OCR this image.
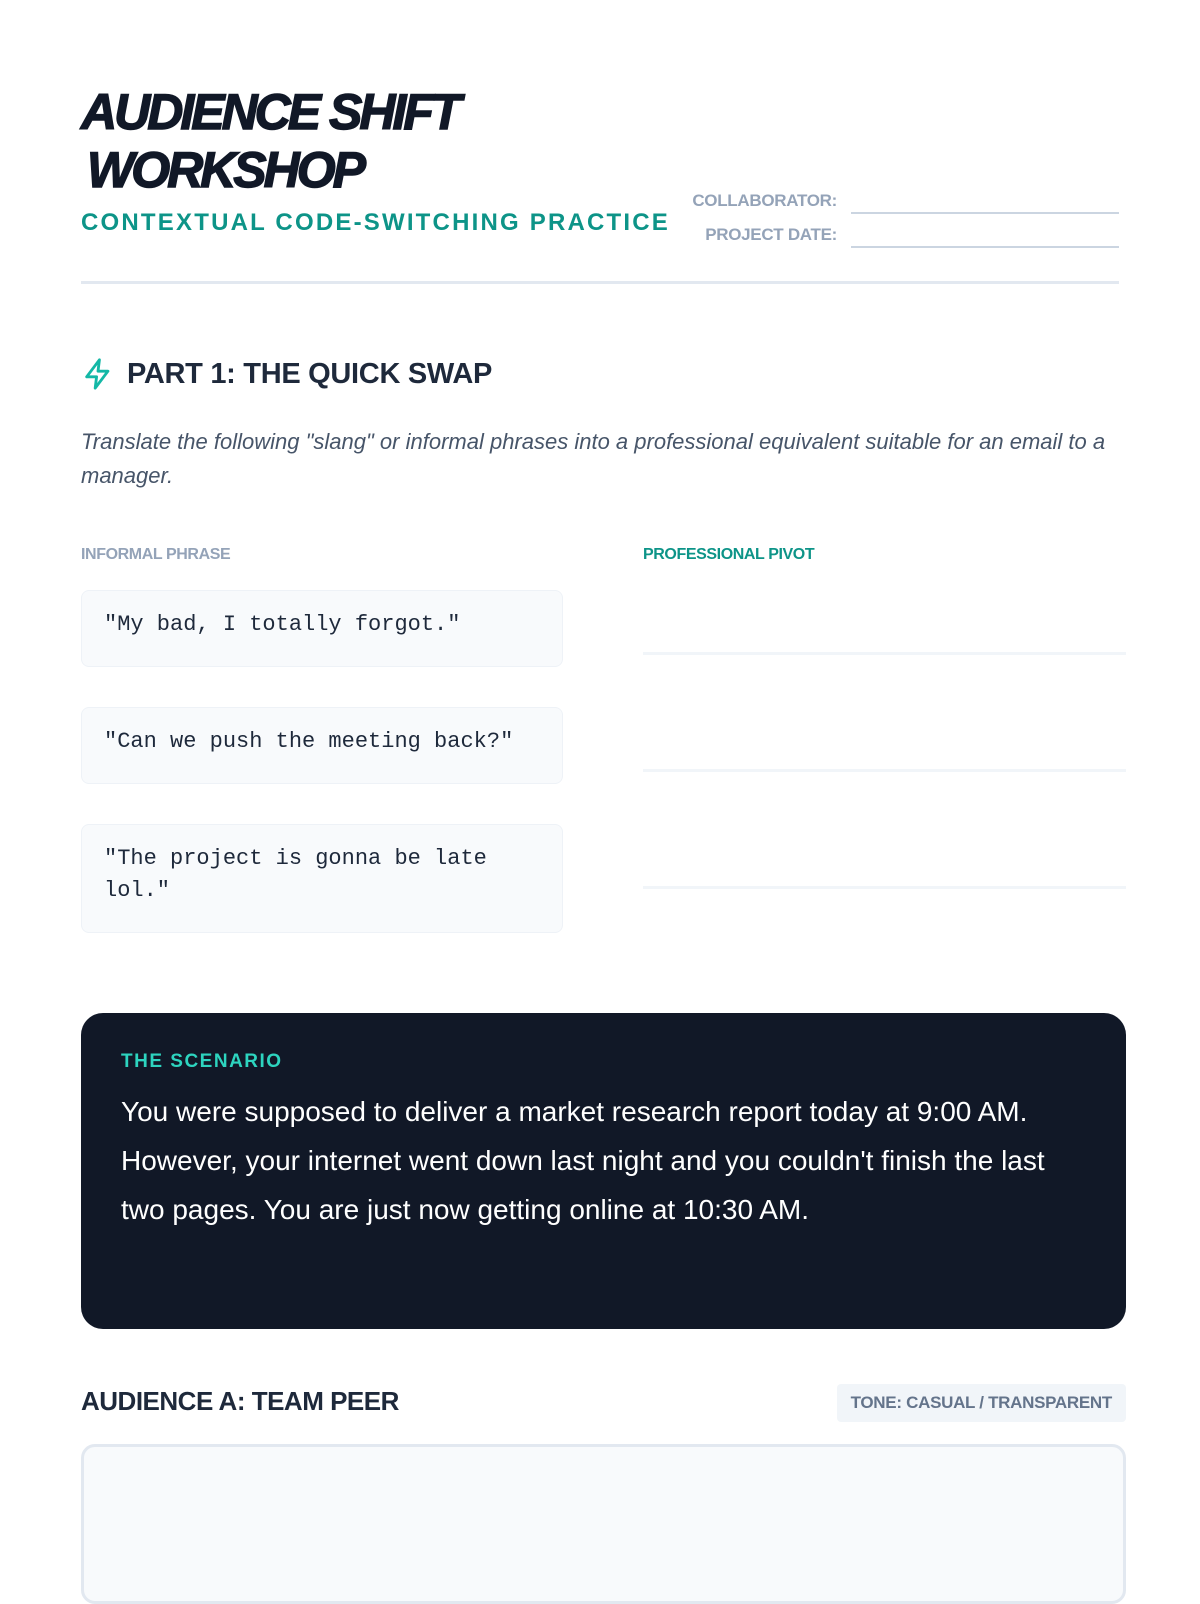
AUDIENCE SHIFT
WORKSHOP
CONTEXTUAL CODE-SWITCHING PRACTICE
COLLABORATOR:
PROJECT DATE:
PART 1: THE QUICK SWAP

Translate the following "slang" or informal phrases into a professional equivalent suitable for an email to a manager.

INFORMAL PHRASE	PROFESSIONAL PIVOT
"My bad, I totally forgot."
"Can we push the meeting back?"
"The project is gonna be late lol."
THE SCENARIO

You were supposed to deliver a market research report today at 9:00 AM. However, your internet went down last night and you couldn't finish the last two pages. You are just now getting online at 10:30 AM.

AUDIENCE A: TEAM PEER	TONE: CASUAL / TRANSPARENT
